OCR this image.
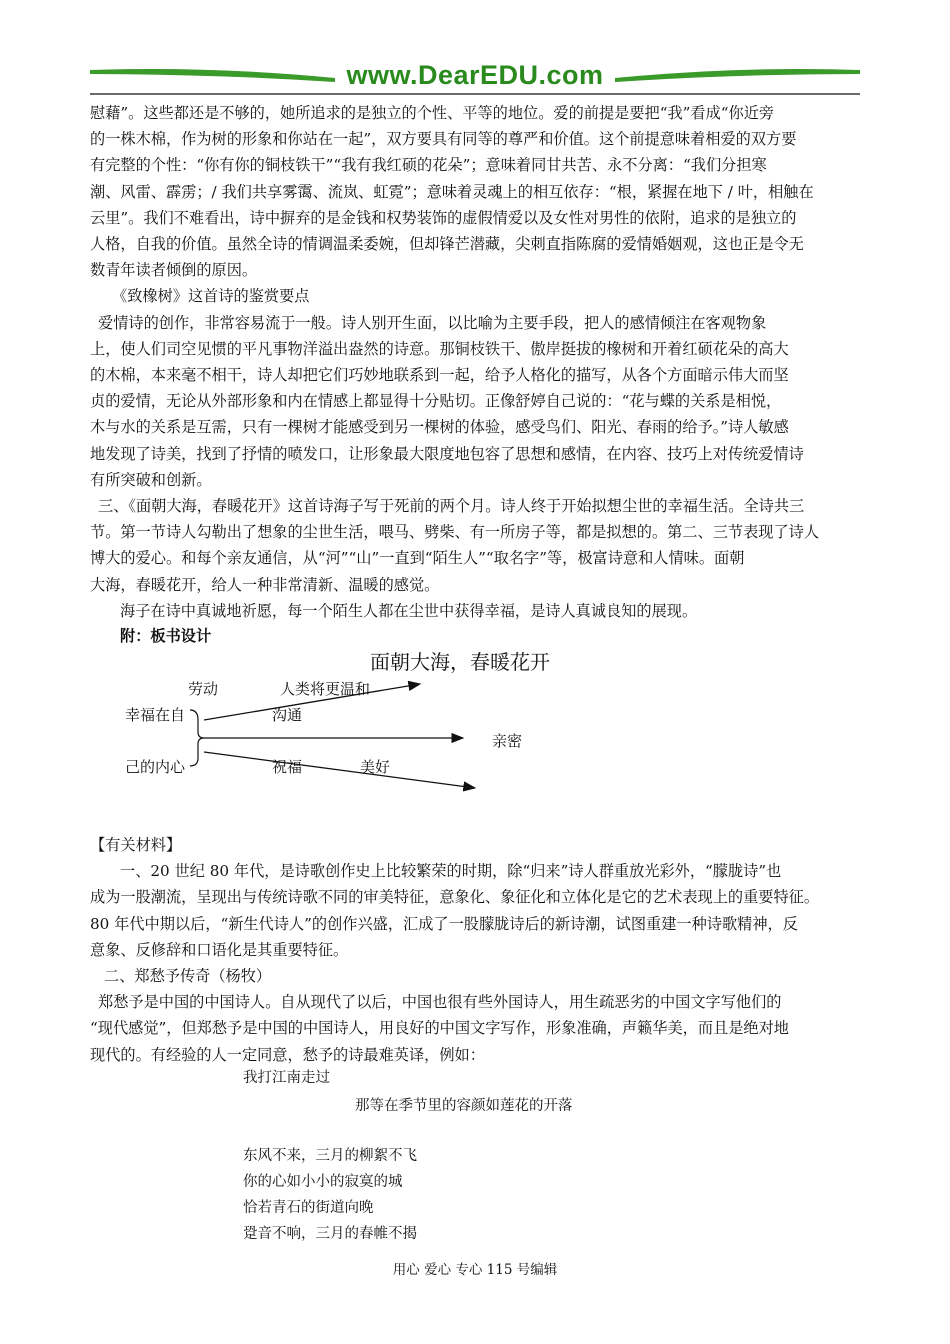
www.DearEDU.com

慰藉”。这些都还是不够的，她所追求的是独立的个性、平等的地位。爱的前提是要把“我”看成“你近旁
的一株木棉，作为树的形象和你站在一起”，双方要具有同等的尊严和价值。这个前提意味着相爱的双方要
有完整的个性：“你有你的铜枝铁干”“我有我红硕的花朵”；意味着同甘共苦、永不分离：“我们分担寒
潮、风雷、霹雳；/ 我们共享雾霭、流岚、虹霓”；意味着灵魂上的相互依存：“根，紧握在地下 / 叶，相触在
云里”。我们不难看出，诗中摒弃的是金钱和权势装饰的虚假情爱以及女性对男性的依附，追求的是独立的
人格，自我的价值。虽然全诗的情调温柔委婉，但却锋芒潜藏，尖刺直指陈腐的爱情婚姻观，这也正是令无
数青年读者倾倒的原因。

《致橡树》这首诗的鉴赏要点
爱情诗的创作，非常容易流于一般。诗人别开生面，以比喻为主要手段，把人的感情倾注在客观物象
上，使人们司空见惯的平凡事物洋溢出盎然的诗意。那铜枝铁干、傲岸挺拔的橡树和开着红硕花朵的高大
的木棉，本来毫不相干，诗人却把它们巧妙地联系到一起，给予人格化的描写，从各个方面暗示伟大而坚
贞的爱情，无论从外部形象和内在情感上都显得十分贴切。正像舒婷自己说的：“花与蝶的关系是相悦，
木与水的关系是互需，只有一棵树才能感受到另一棵树的体验，感受鸟们、阳光、春雨的给予。”诗人敏感
地发现了诗美，找到了抒情的喷发口，让形象最大限度地包容了思想和感情，在内容、技巧上对传统爱情诗
有所突破和创新。

三、《面朝大海，春暖花开》这首诗海子写于死前的两个月。诗人终于开始拟想尘世的幸福生活。全诗共三
节。第一节诗人勾勒出了想象的尘世生活，喂马、劈柴、有一所房子等，都是拟想的。第二、三节表现了诗人
博大的爱心。和每个亲友通信，从“河”“山”一直到“陌生人”“取名字”等，极富诗意和人情味。面朝
大海，春暖花开，给人一种非常清新、温暖的感觉。

海子在诗中真诚地祈愿，每一个陌生人都在尘世中获得幸福，是诗人真诚良知的展现。
附：板书设计

面朝大海，春暖花开
劳动	人类将更温和
幸福在自	沟通
亲密
己的内心	祝福	美好

【有关材料】
一、20 世纪 80 年代，是诗歌创作史上比较繁荣的时期，除“归来”诗人群重放光彩外，“朦胧诗”也
成为一股潮流，呈现出与传统诗歌不同的审美特征，意象化、象征化和立体化是它的艺术表现上的重要特征。
80 年代中期以后，“新生代诗人”的创作兴盛，汇成了一股朦胧诗后的新诗潮，试图重建一种诗歌精神，反
意象、反修辞和口语化是其重要特征。

二、郑愁予传奇（杨牧）
郑愁予是中国的中国诗人。自从现代了以后，中国也很有些外国诗人，用生疏恶劣的中国文字写他们的
“现代感觉”，但郑愁予是中国的中国诗人，用良好的中国文字写作，形象准确，声籁华美，而且是绝对地
现代的。有经验的人一定同意，愁予的诗最难英译，例如：

我打江南走过
那等在季节里的容颜如莲花的开落
东风不来，三月的柳絮不飞
你的心如小小的寂寞的城
恰若青石的街道向晚
跫音不响，三月的春帷不揭
用心 爱心 专心 115 号编辑
